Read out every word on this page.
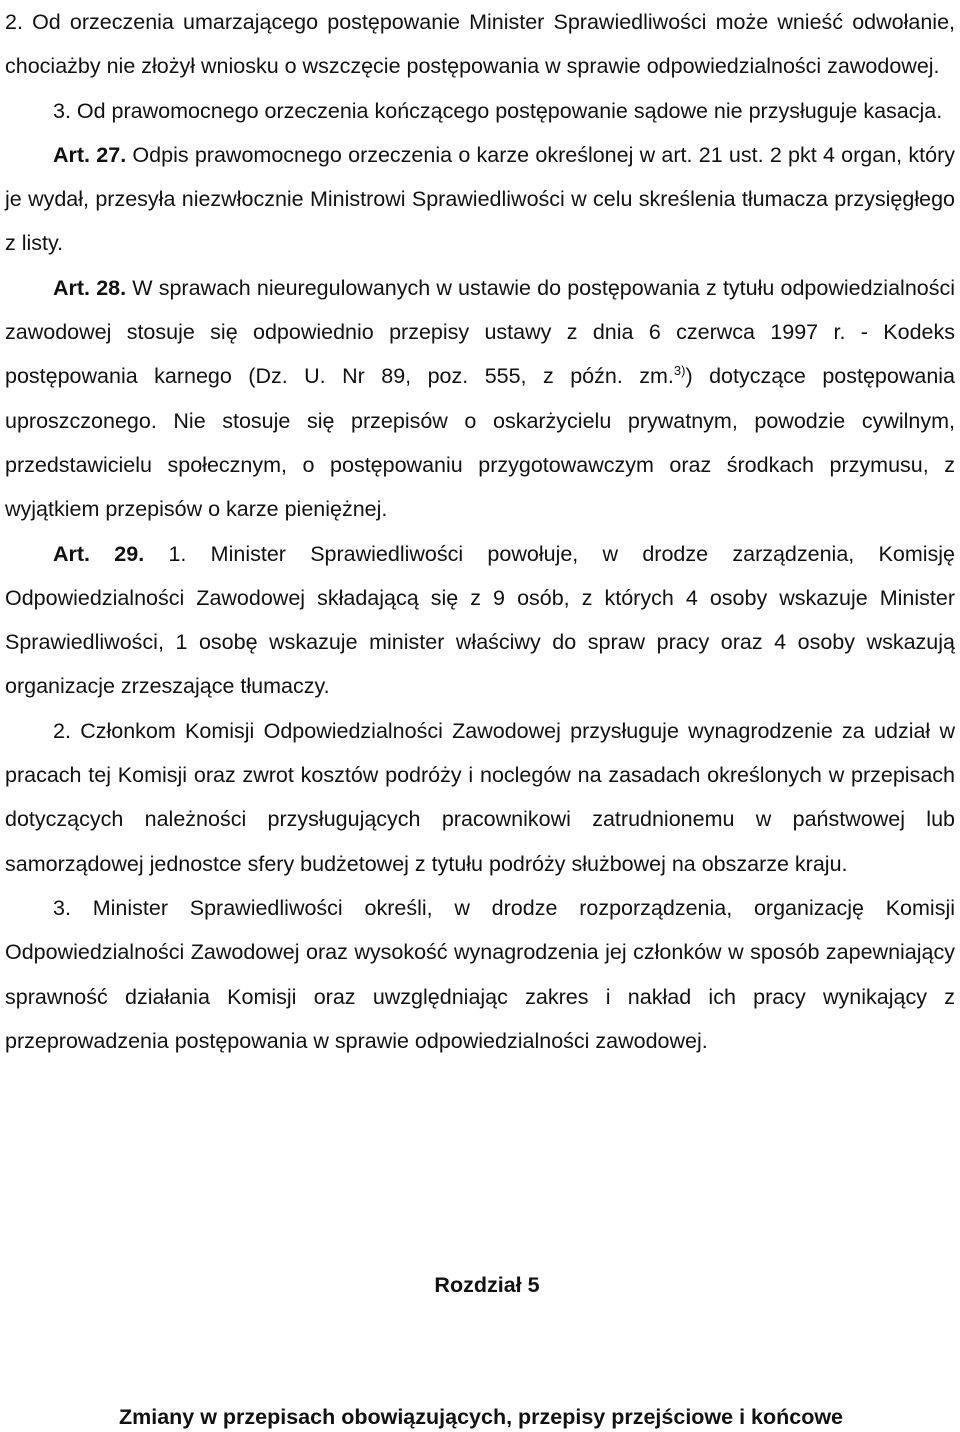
2. Od orzeczenia umarzającego postępowanie Minister Sprawiedliwości może wnieść odwołanie, chociażby nie złożył wniosku o wszczęcie postępowania w sprawie odpowiedzialności zawodowej.

3. Od prawomocnego orzeczenia kończącego postępowanie sądowe nie przysługuje kasacja.

Art. 27. Odpis prawomocnego orzeczenia o karze określonej w art. 21 ust. 2 pkt 4 organ, który je wydał, przesyła niezwłocznie Ministrowi Sprawiedliwości w celu skreślenia tłumacza przysięgłego z listy.

Art. 28. W sprawach nieuregulowanych w ustawie do postępowania z tytułu odpowiedzialności zawodowej stosuje się odpowiednio przepisy ustawy z dnia 6 czerwca 1997 r. - Kodeks postępowania karnego (Dz. U. Nr 89, poz. 555, z późn. zm.$^{3)}$) dotyczące postępowania uproszczonego. Nie stosuje się przepisów o oskarżycielu prywatnym, powodzie cywilnym, przedstawicielu społecznym, o postępowaniu przygotowawczym oraz środkach przymusu, z wyjątkiem przepisów o karze pieniężnej.

Art. 29. 1. Minister Sprawiedliwości powołuje, w drodze zarządzenia, Komisję Odpowiedzialności Zawodowej składającą się z 9 osób, z których 4 osoby wskazuje Minister Sprawiedliwości, 1 osobę wskazuje minister właściwy do spraw pracy oraz 4 osoby wskazują organizacje zrzeszające tłumaczy.

2. Członkom Komisji Odpowiedzialności Zawodowej przysługuje wynagrodzenie za udział w pracach tej Komisji oraz zwrot kosztów podróży i noclegów na zasadach określonych w przepisach dotyczących należności przysługujących pracownikowi zatrudnionemu w państwowej lub samorządowej jednostce sfery budżetowej z tytułu podróży służbowej na obszarze kraju.

3. Minister Sprawiedliwości określi, w drodze rozporządzenia, organizację Komisji Odpowiedzialności Zawodowej oraz wysokość wynagrodzenia jej członków w sposób zapewniający sprawność działania Komisji oraz uwzględniając zakres i nakład ich pracy wynikający z przeprowadzenia postępowania w sprawie odpowiedzialności zawodowej.

Rozdział 5

Zmiany w przepisach obowiązujących, przepisy przejściowe i końcowe
